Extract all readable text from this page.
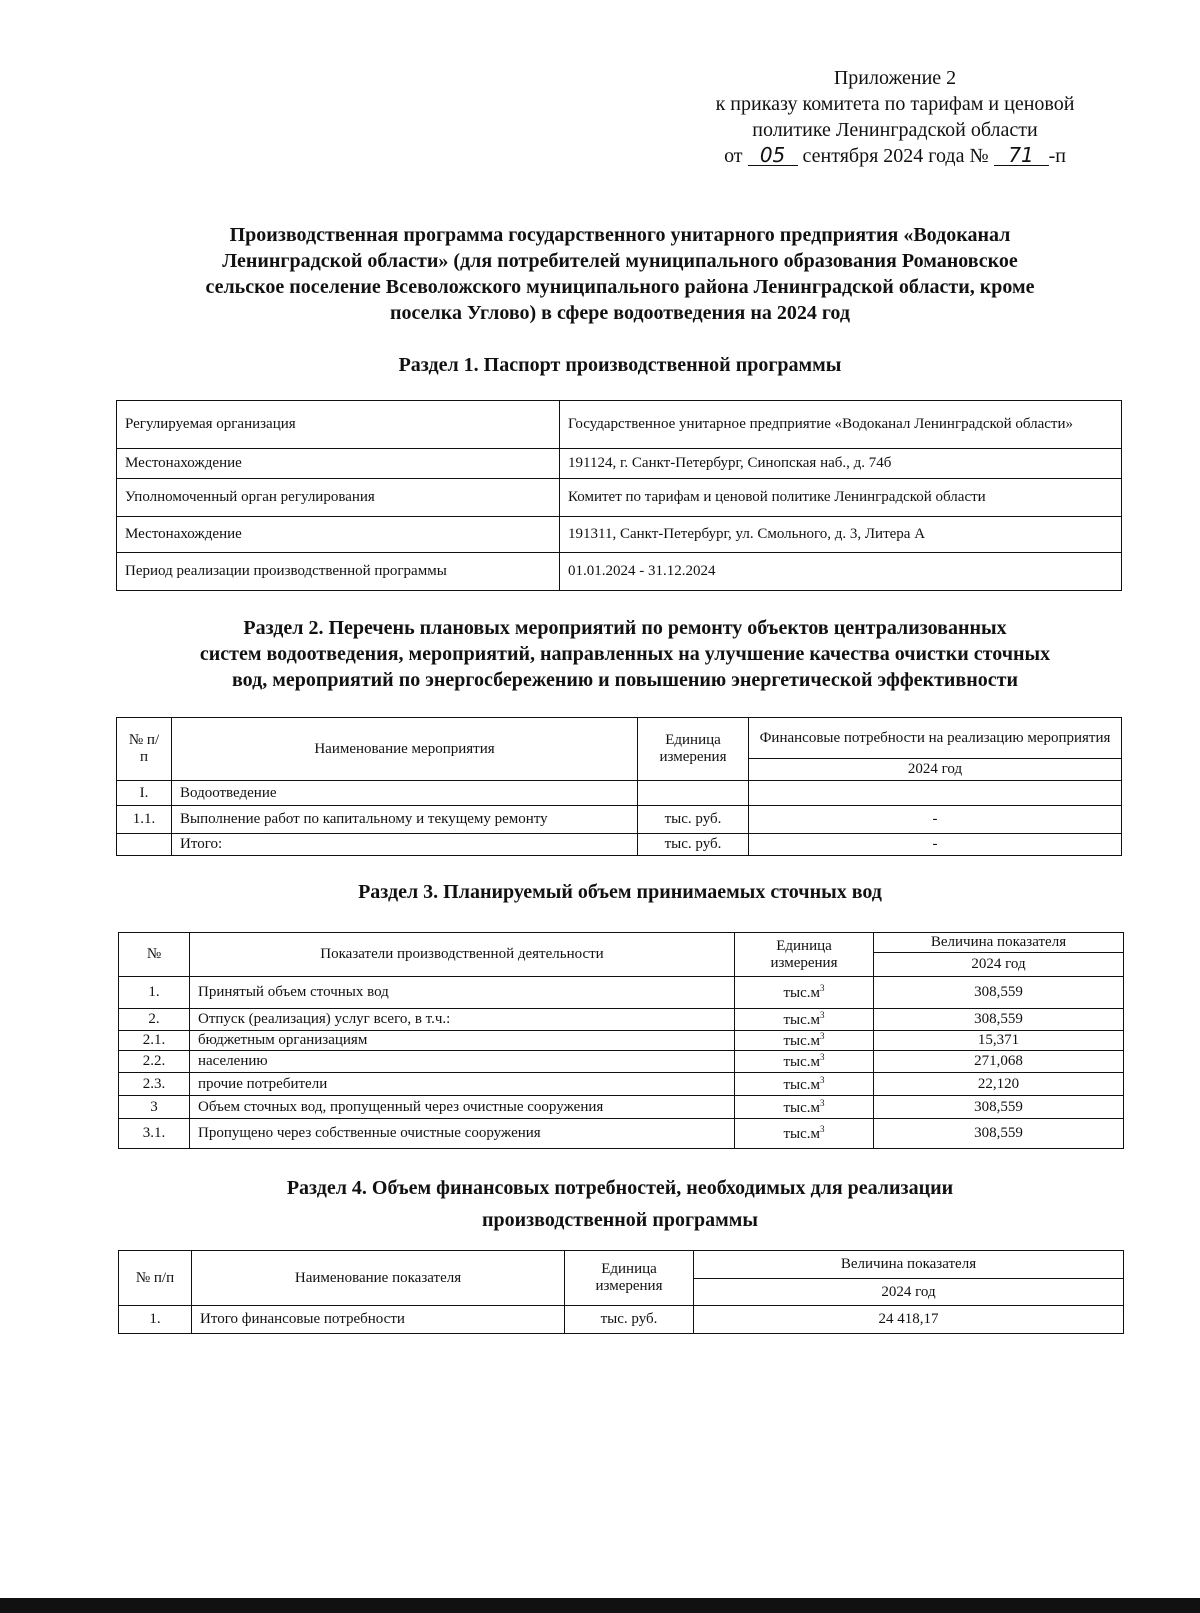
Приложение 2
к приказу комитета по тарифам и ценовой
политике Ленинградской области
от 05 сентября 2024 года № 71 -п
Производственная программа государственного унитарного предприятия «Водоканал
Ленинградской области» (для потребителей муниципального образования Романовское
сельское поселение Всеволожского муниципального района Ленинградской области, кроме
поселка Углово) в сфере водоотведения на 2024 год
Раздел 1. Паспорт производственной программы
Регулируемая организация	Государственное унитарное предприятие «Водоканал Ленинградской области»
Местонахождение	191124, г. Санкт-Петербург, Синопская наб., д. 74б
Уполномоченный орган регулирования	Комитет по тарифам и ценовой политике Ленинградской области
Местонахождение	191311, Санкт-Петербург, ул. Смольного, д. 3, Литера А
Период реализации производственной программы	01.01.2024 - 31.12.2024
Раздел 2. Перечень плановых мероприятий по ремонту объектов централизованных
систем водоотведения, мероприятий, направленных на улучшение качества очистки сточных
вод, мероприятий по энергосбережению и повышению энергетической эффективности
№ п/п	Наименование мероприятия	Единица измерения	Финансовые потребности на реализацию мероприятия
			2024 год
I.	Водоотведение		
1.1.	Выполнение работ по капитальному и текущему ремонту	тыс. руб.	-
	Итого:	тыс. руб.	-
Раздел 3. Планируемый объем принимаемых сточных вод
№	Показатели производственной деятельности	Единица измерения	Величина показателя
			2024 год
1.	Принятый объем сточных вод	$тыс.м^3$	308,559
2.	Отпуск (реализация) услуг всего, в т.ч.:	$тыс.м^3$	308,559
2.1.	бюджетным организациям	$тыс.м^3$	15,371
2.2.	населению	$тыс.м^3$	271,068
2.3.	прочие потребители	$тыс.м^3$	22,120
3	Объем сточных вод, пропущенный через очистные сооружения	$тыс.м^3$	308,559
3.1.	Пропущено через собственные очистные сооружения	$тыс.м^3$	308,559
Раздел 4. Объем финансовых потребностей, необходимых для реализации
производственной программы
№ п/п	Наименование показателя	Единица измерения	Величина показателя
			2024 год
1.	Итого финансовые потребности	тыс. руб.	24 418,17
